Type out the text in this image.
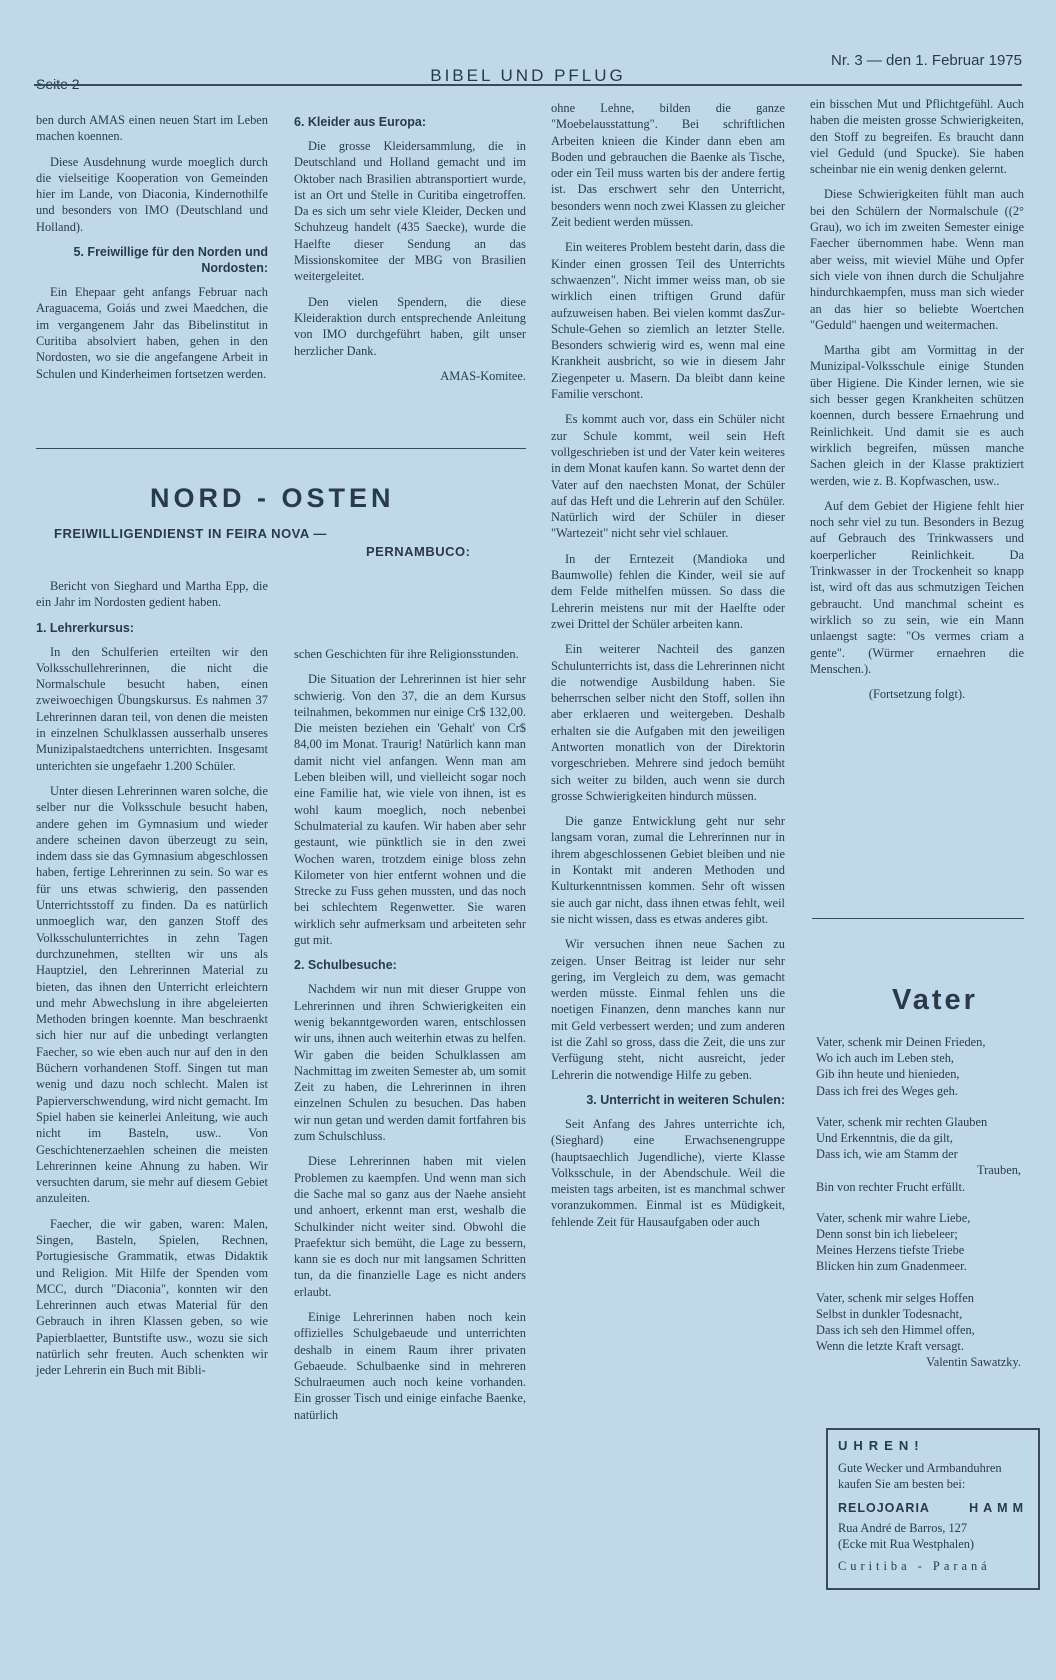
Seite 2	BIBEL UND PFLUG
Nr. 3 — den 1. Februar 1975

ben durch AMAS einen neuen Start im Leben machen koennen.

Diese Ausdehnung wurde moeglich durch die vielseitige Kooperation von Gemeinden hier im Lande, von Diaconia, Kindernothilfe und besonders von IMO (Deutschland und Holland).

5. Freiwillige für den Norden und Nordosten:

Ein Ehepaar geht anfangs Februar nach Araguacema, Goiás und zwei Maedchen, die im vergangenem Jahr das Bibelinstitut in Curitiba absolviert haben, gehen in den Nordosten, wo sie die angefangene Arbeit in Schulen und Kinderheimen fortsetzen werden.

6. Kleider aus Europa:

Die grosse Kleidersammlung, die in Deutschland und Holland gemacht und im Oktober nach Brasilien abtransportiert wurde, ist an Ort und Stelle in Curitiba eingetroffen. Da es sich um sehr viele Kleider, Decken und Schuhzeug handelt (435 Saecke), wurde die Haelfte dieser Sendung an das Missionskomitee der MBG von Brasilien weitergeleitet.

Den vielen Spendern, die diese Kleideraktion durch entsprechende Anleitung von IMO durchgeführt haben, gilt unser herzlicher Dank.

AMAS-Komitee.
NORD - OSTEN
FREIWILLIGENDIENST IN FEIRA NOVA —
PERNAMBUCO:

Bericht von Sieghard und Martha Epp, die ein Jahr im Nordosten gedient haben.

1. Lehrerkursus:

In den Schulferien erteilten wir den Volksschullehrerinnen, die nicht die Normalschule besucht haben, einen zweiwoechigen Übungskursus. Es nahmen 37 Lehrerinnen daran teil, von denen die meisten in einzelnen Schulklassen ausserhalb unseres Munizipalstaedtchens unterrichten. Insgesamt unterichten sie ungefaehr 1.200 Schüler.

Unter diesen Lehrerinnen waren solche, die selber nur die Volksschule besucht haben, andere gehen im Gymnasium und wieder andere scheinen davon überzeugt zu sein, indem dass sie das Gymnasium abgeschlossen haben, fertige Lehrerinnen zu sein. So war es für uns etwas schwierig, den passenden Unterrichtsstoff zu finden. Da es natürlich unmoeglich war, den ganzen Stoff des Volksschulunterrichtes in zehn Tagen durchzunehmen, stellten wir uns als Hauptziel, den Lehrerinnen Material zu bieten, das ihnen den Unterricht erleichtern und mehr Abwechslung in ihre abgeleierten Methoden bringen koennte. Man beschraenkt sich hier nur auf die unbedingt verlangten Faecher, so wie eben auch nur auf den in den Büchern vorhandenen Stoff. Singen tut man wenig und dazu noch schlecht. Malen ist Papierverschwendung, wird nicht gemacht. Im Spiel haben sie keinerlei Anleitung, wie auch nicht im Basteln, usw.. Von Geschichtenerzaehlen scheinen die meisten Lehrerinnen keine Ahnung zu haben. Wir versuchten darum, sie mehr auf diesem Gebiet anzuleiten.

Faecher, die wir gaben, waren: Malen, Singen, Basteln, Spielen, Rechnen, Portugiesische Grammatik, etwas Didaktik und Religion. Mit Hilfe der Spenden vom MCC, durch "Diaconia", konnten wir den Lehrerinnen auch etwas Material für den Gebrauch in ihren Klassen geben, so wie Papierblaetter, Buntstifte usw., wozu sie sich natürlich sehr freuten. Auch schenkten wir jeder Lehrerin ein Buch mit Bibli-

schen Geschichten für ihre Religionsstunden.

Die Situation der Lehrerinnen ist hier sehr schwierig. Von den 37, die an dem Kursus teilnahmen, bekommen nur einige Cr$ 132,00. Die meisten beziehen ein 'Gehalt' von Cr$ 84,00 im Monat. Traurig! Natürlich kann man damit nicht viel anfangen. Wenn man am Leben bleiben will, und vielleicht sogar noch eine Familie hat, wie viele von ihnen, ist es wohl kaum moeglich, noch nebenbei Schulmaterial zu kaufen. Wir haben aber sehr gestaunt, wie pünktlich sie in den zwei Wochen waren, trotzdem einige bloss zehn Kilometer von hier entfernt wohnen und die Strecke zu Fuss gehen mussten, und das noch bei schlechtem Regenwetter. Sie waren wirklich sehr aufmerksam und arbeiteten sehr gut mit.

2. Schulbesuche:

Nachdem wir nun mit dieser Gruppe von Lehrerinnen und ihren Schwierigkeiten ein wenig bekanntgeworden waren, entschlossen wir uns, ihnen auch weiterhin etwas zu helfen. Wir gaben die beiden Schulklassen am Nachmittag im zweiten Semester ab, um somit Zeit zu haben, die Lehrerinnen in ihren einzelnen Schulen zu besuchen. Das haben wir nun getan und werden damit fortfahren bis zum Schulschluss.

Diese Lehrerinnen haben mit vielen Problemen zu kaempfen. Und wenn man sich die Sache mal so ganz aus der Naehe ansieht und anhoert, erkennt man erst, weshalb die Schulkinder nicht weiter sind. Obwohl die Praefektur sich bemüht, die Lage zu bessern, kann sie es doch nur mit langsamen Schritten tun, da die finanzielle Lage es nicht anders erlaubt.

Einige Lehrerinnen haben noch kein offizielles Schulgebaeude und unterrichten deshalb in einem Raum ihrer privaten Gebaeude. Schulbaenke sind in mehreren Schulraeumen auch noch keine vorhanden. Ein grosser Tisch und einige einfache Baenke, natürlich

ohne Lehne, bilden die ganze "Moebelausstattung". Bei schriftlichen Arbeiten knieen die Kinder dann eben am Boden und gebrauchen die Baenke als Tische, oder ein Teil muss warten bis der andere fertig ist. Das erschwert sehr den Unterricht, besonders wenn noch zwei Klassen zu gleicher Zeit bedient werden müssen.

Ein weiteres Problem besteht darin, dass die Kinder einen grossen Teil des Unterrichts schwaenzen". Nicht immer weiss man, ob sie wirklich einen triftigen Grund dafür aufzuweisen haben. Bei vielen kommt dasZur-Schule-Gehen so ziemlich an letzter Stelle. Besonders schwierig wird es, wenn mal eine Krankheit ausbricht, so wie in diesem Jahr Ziegenpeter u. Masern. Da bleibt dann keine Familie verschont.

Es kommt auch vor, dass ein Schüler nicht zur Schule kommt, weil sein Heft vollgeschrieben ist und der Vater kein weiteres in dem Monat kaufen kann. So wartet denn der Vater auf den naechsten Monat, der Schüler auf das Heft und die Lehrerin auf den Schüler. Natürlich wird der Schüler in dieser "Wartezeit" nicht sehr viel schlauer.

In der Erntezeit (Mandioka und Baumwolle) fehlen die Kinder, weil sie auf dem Felde mithelfen müssen. So dass die Lehrerin meistens nur mit der Haelfte oder zwei Drittel der Schüler arbeiten kann.

Ein weiterer Nachteil des ganzen Schulunterrichts ist, dass die Lehrerinnen nicht die notwendige Ausbildung haben. Sie beherrschen selber nicht den Stoff, sollen ihn aber erklaeren und weitergeben. Deshalb erhalten sie die Aufgaben mit den jeweiligen Antworten monatlich von der Direktorin vorgeschrieben. Mehrere sind jedoch bemüht sich weiter zu bilden, auch wenn sie durch grosse Schwierigkeiten hindurch müssen.

Die ganze Entwicklung geht nur sehr langsam voran, zumal die Lehrerinnen nur in ihrem abgeschlossenen Gebiet bleiben und nie in Kontakt mit anderen Methoden und Kulturkenntnissen kommen. Sehr oft wissen sie auch gar nicht, dass ihnen etwas fehlt, weil sie nicht wissen, dass es etwas anderes gibt.

Wir versuchen ihnen neue Sachen zu zeigen. Unser Beitrag ist leider nur sehr gering, im Vergleich zu dem, was gemacht werden müsste. Einmal fehlen uns die noetigen Finanzen, denn manches kann nur mit Geld verbessert werden; und zum anderen ist die Zahl so gross, dass die Zeit, die uns zur Verfügung steht, nicht ausreicht, jeder Lehrerin die notwendige Hilfe zu geben.

3. Unterricht in weiteren Schulen:

Seit Anfang des Jahres unterrichte ich, (Sieghard) eine Erwachsenengruppe (hauptsaechlich Jugendliche), vierte Klasse Volksschule, in der Abendschule. Weil die meisten tags arbeiten, ist es manchmal schwer voranzukommen. Einmal ist es Müdigkeit, fehlende Zeit für Hausaufgaben oder auch

ein bisschen Mut und Pflichtgefühl. Auch haben die meisten grosse Schwierigkeiten, den Stoff zu begreifen. Es braucht dann viel Geduld (und Spucke). Sie haben scheinbar nie ein wenig denken gelernt.

Diese Schwierigkeiten fühlt man auch bei den Schülern der Normalschule ((2° Grau), wo ich im zweiten Semester einige Faecher übernommen habe. Wenn man aber weiss, mit wieviel Mühe und Opfer sich viele von ihnen durch die Schuljahre hindurchkaempfen, muss man sich wieder an das hier so beliebte Woertchen "Geduld" haengen und weitermachen.

Martha gibt am Vormittag in der Munizipal-Volksschule einige Stunden über Higiene. Die Kinder lernen, wie sie sich besser gegen Krankheiten schützen koennen, durch bessere Ernaehrung und Reinlichkeit. Und damit sie es auch wirklich begreifen, müssen manche Sachen gleich in der Klasse praktiziert werden, wie z. B. Kopfwaschen, usw..

Auf dem Gebiet der Higiene fehlt hier noch sehr viel zu tun. Besonders in Bezug auf Gebrauch des Trinkwassers und koerperlicher Reinlichkeit. Da Trinkwasser in der Trockenheit so knapp ist, wird oft das aus schmutzigen Teichen gebraucht. Und manchmal scheint es wirklich so zu sein, wie ein Mann unlaengst sagte: "Os vermes criam a gente". (Würmer ernaehren die Menschen.).

(Fortsetzung folgt).
Vater
Vater, schenk mir Deinen Frieden,
Wo ich auch im Leben steh,
Gib ihn heute und hienieden,
Dass ich frei des Weges geh.
Vater, schenk mir rechten Glauben
Und Erkenntnis, die da gilt,
Dass ich, wie am Stamm der
Trauben,
Bin von rechter Frucht erfüllt.
Vater, schenk mir wahre Liebe,
Denn sonst bin ich liebeleer;
Meines Herzens tiefste Triebe
Blicken hin zum Gnadenmeer.
Vater, schenk mir selges Hoffen
Selbst in dunkler Todesnacht,
Dass ich seh den Himmel offen,
Wenn die letzte Kraft versagt.
Valentin Sawatzky.
UHREN!
Gute Wecker und Armbanduhren kaufen Sie am besten bei:
RELOJOARIA	HAMM
Rua André de Barros, 127
(Ecke mit Rua Westphalen)
Curitiba - Paraná
